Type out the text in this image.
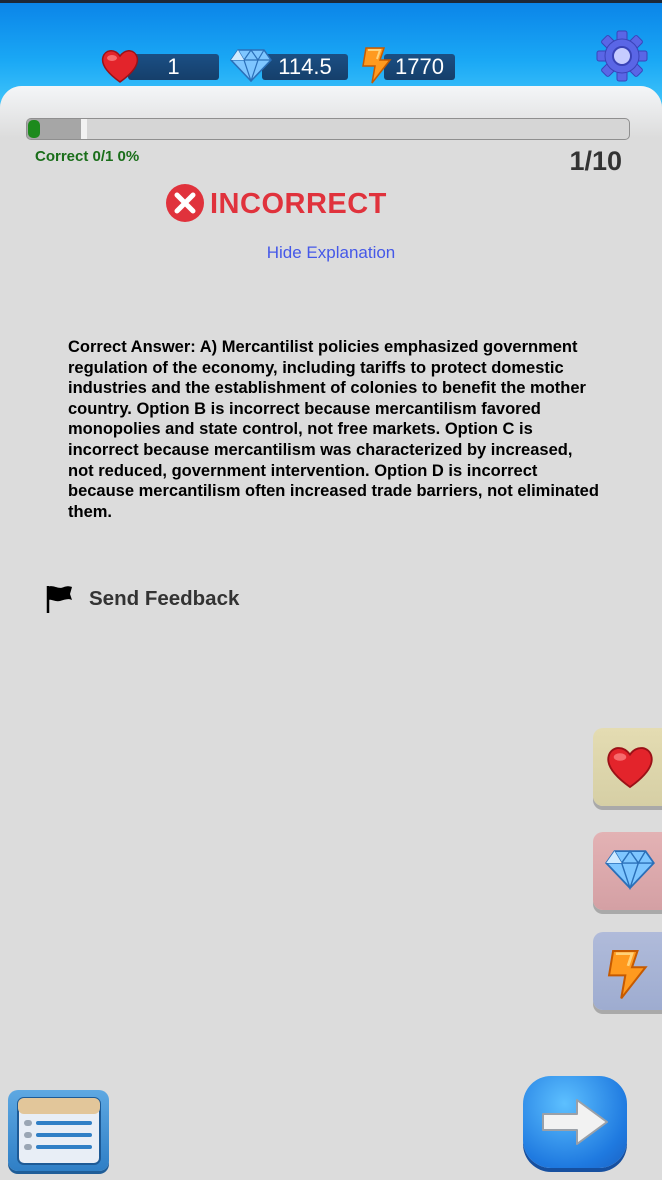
1	114.5	1770
Correct 0/1 0%	1/10
INCORRECT
Hide Explanation
Correct Answer: A) Mercantilist policies emphasized government regulation of the economy, including tariffs to protect domestic industries and the establishment of colonies to benefit the mother country. Option B is incorrect because mercantilism favored monopolies and state control, not free markets. Option C is incorrect because mercantilism was characterized by increased, not reduced, government intervention. Option D is incorrect because mercantilism often increased trade barriers, not eliminated them.
Send Feedback
